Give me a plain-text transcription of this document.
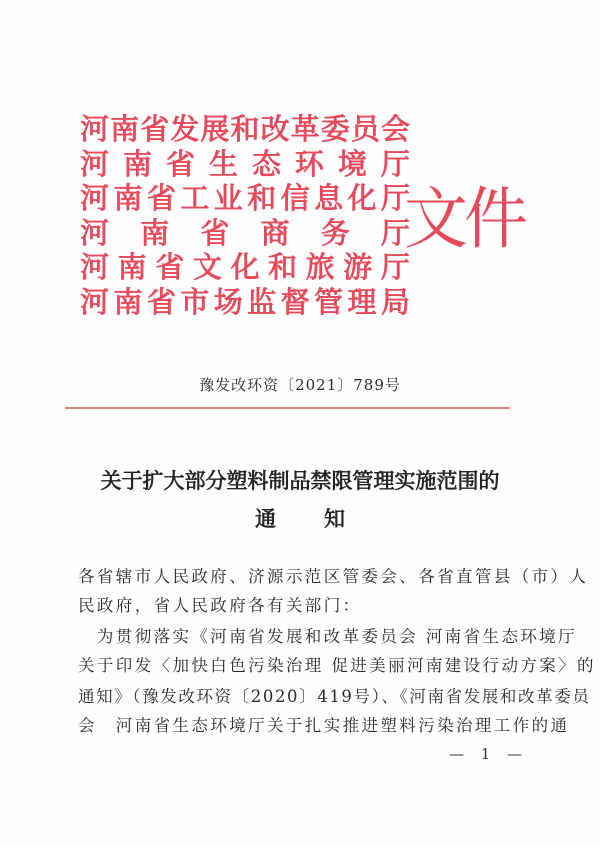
河 南 省 发 展 和 改 革 委 员 会
河 南 省 生 态 环 境 厅
河 南 省 工 业 和 信 息 化 厅
河 南 省 商 务 厅
河 南 省 文 化 和 旅 游 厅
河 南 省 市 场 监 督 管 理 局
文件
豫发改环资〔2021〕789号
关于扩大部分塑料制品禁限管理实施范围的
通 知
各省辖市人民政府、济源示范区管委会、各省直管县（市）人
民政府，省人民政府各有关部门：
　为贯彻落实《河南省发展和改革委员会 河南省生态环境厅
关于印发〈加快白色污染治理 促进美丽河南建设行动方案〉的
通知》（豫发改环资〔2020〕419号）、《河南省发展和改革委员
会　河南省生态环境厅关于扎实推进塑料污染治理工作的通
— 1 —
